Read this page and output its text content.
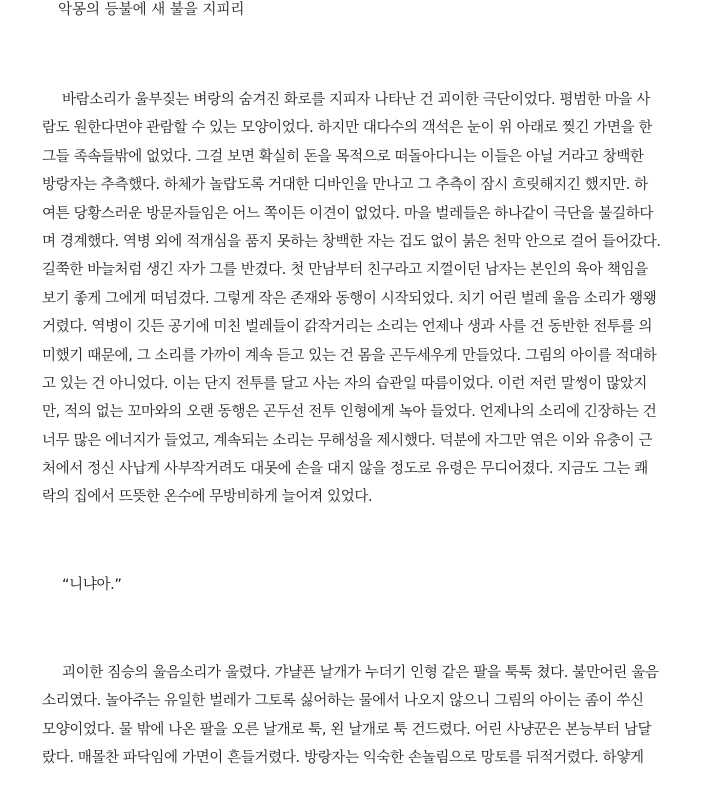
악몽의 등불에 새 불을 지피리
바람소리가 울부짖는 벼랑의 숨겨진 화로를 지피자 나타난 건 괴이한 극단이었다. 평범한 마을 사
람도 원한다면야 관람할 수 있는 모양이었다. 하지만 대다수의 객석은 눈이 위 아래로 찢긴 가면을 한
그들 족속들밖에 없었다. 그걸 보면 확실히 돈을 목적으로 떠돌아다니는 이들은 아닐 거라고 창백한
방랑자는 추측했다. 하체가 놀랍도록 거대한 디바인을 만나고 그 추측이 잠시 흐릿해지긴 했지만. 하
여튼 당황스러운 방문자들임은 어느 쪽이든 이견이 없었다. 마을 벌레들은 하나같이 극단을 불길하다
며 경계했다. 역병 외에 적개심을 품지 못하는 창백한 자는 겁도 없이 붉은 천막 안으로 걸어 들어갔다.
길쭉한 바늘처럼 생긴 자가 그를 반겼다. 첫 만남부터 친구라고 지껄이던 남자는 본인의 육아 책임을
보기 좋게 그에게 떠넘겼다. 그렇게 작은 존재와 동행이 시작되었다. 치기 어린 벌레 울음 소리가 왱왱
거렸다. 역병이 깃든 공기에 미친 벌레들이 갉작거리는 소리는 언제나 생과 사를 건 동반한 전투를 의
미했기 때문에, 그 소리를 가까이 계속 듣고 있는 건 몸을 곤두세우게 만들었다. 그림의 아이를 적대하
고 있는 건 아니었다. 이는 단지 전투를 달고 사는 자의 습관일 따름이었다. 이런 저런 말썽이 많았지
만, 적의 없는 꼬마와의 오랜 동행은 곤두선 전투 인형에게 녹아 들었다. 언제나의 소리에 긴장하는 건
너무 많은 에너지가 들었고, 계속되는 소리는 무해성을 제시했다. 덕분에 자그만 엮은 이와 유충이 근
처에서 정신 사납게 사부작거려도 대못에 손을 대지 않을 정도로 유령은 무디어졌다. 지금도 그는 쾌
락의 집에서 뜨뜻한 온수에 무방비하게 늘어져 있었다.
“니냐아.”
괴이한 짐승의 울음소리가 울렸다. 갸냘픈 날개가 누더기 인형 같은 팔을 툭툭 쳤다. 불만어린 울음
소리였다. 놀아주는 유일한 벌레가 그토록 싫어하는 물에서 나오지 않으니 그림의 아이는 좀이 쑤신
모양이었다. 물 밖에 나온 팔을 오른 날개로 툭, 왼 날개로 툭 건드렸다. 어린 사냥꾼은 본능부터 남달
랐다. 매몰찬 파닥임에 가면이 흔들거렸다. 방랑자는 익숙한 손놀림으로 망토를 뒤적거렸다. 하얗게
